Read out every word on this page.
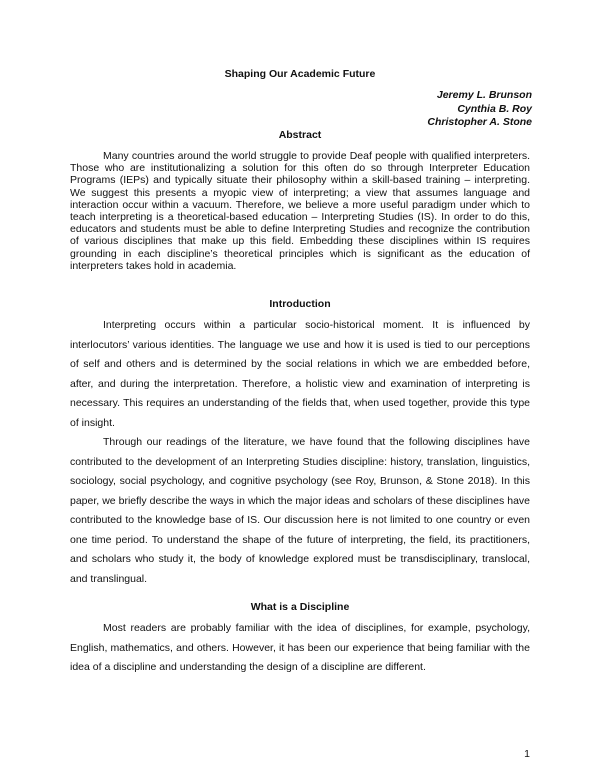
Shaping Our Academic Future
Jeremy L. Brunson
Cynthia B. Roy
Christopher A. Stone
Abstract

Many countries around the world struggle to provide Deaf people with qualified interpreters. Those who are institutionalizing a solution for this often do so through Interpreter Education Programs (IEPs) and typically situate their philosophy within a skill-based training – interpreting. We suggest this presents a myopic view of interpreting; a view that assumes language and interaction occur within a vacuum. Therefore, we believe a more useful paradigm under which to teach interpreting is a theoretical-based education – Interpreting Studies (IS). In order to do this, educators and students must be able to define Interpreting Studies and recognize the contribution of various disciplines that make up this field. Embedding these disciplines within IS requires grounding in each discipline’s theoretical principles which is significant as the education of interpreters takes hold in academia.

Introduction

Interpreting occurs within a particular socio-historical moment. It is influenced by interlocutors’ various identities. The language we use and how it is used is tied to our perceptions of self and others and is determined by the social relations in which we are embedded before, after, and during the interpretation. Therefore, a holistic view and examination of interpreting is necessary. This requires an understanding of the fields that, when used together, provide this type of insight.

Through our readings of the literature, we have found that the following disciplines have contributed to the development of an Interpreting Studies discipline: history, translation, linguistics, sociology, social psychology, and cognitive psychology (see Roy, Brunson, & Stone 2018). In this paper, we briefly describe the ways in which the major ideas and scholars of these disciplines have contributed to the knowledge base of IS. Our discussion here is not limited to one country or even one time period. To understand the shape of the future of interpreting, the field, its practitioners, and scholars who study it, the body of knowledge explored must be transdisciplinary, translocal, and translingual.

What is a Discipline

Most readers are probably familiar with the idea of disciplines, for example, psychology, English, mathematics, and others. However, it has been our experience that being familiar with the idea of a discipline and understanding the design of a discipline are different.

1
